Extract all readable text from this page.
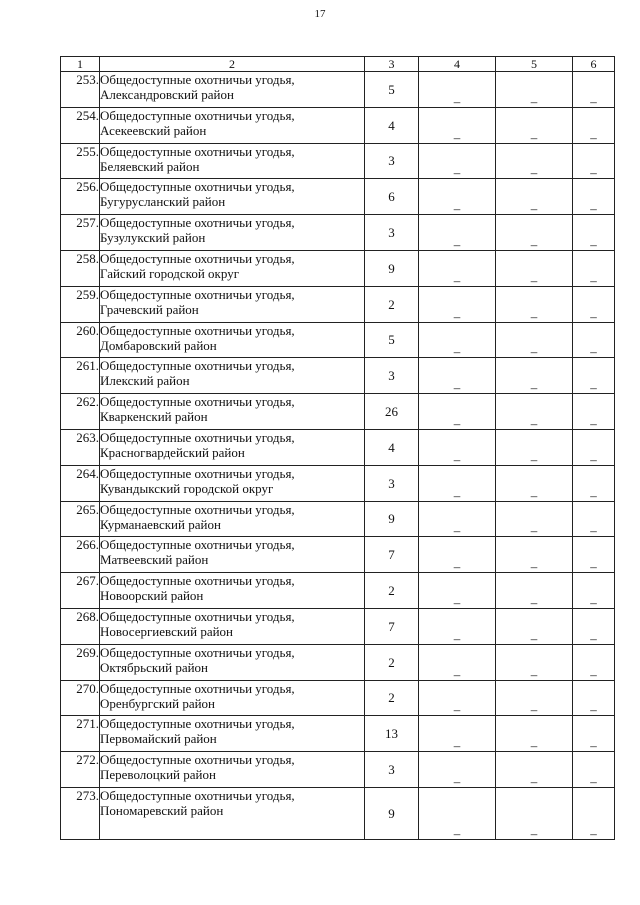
17
1	2	3	4	5	6
253.	Общедоступные охотничьи угодья,
Александровский район	5	–	–	–
254.	Общедоступные охотничьи угодья,
Асекеевский район	4	–	–	–
255.	Общедоступные охотничьи угодья,
Беляевский район	3	–	–	–
256.	Общедоступные охотничьи угодья,
Бугурусланский район	6	–	–	–
257.	Общедоступные охотничьи угодья,
Бузулукский район	3	–	–	–
258.	Общедоступные охотничьи угодья,
Гайский городской округ	9	–	–	–
259.	Общедоступные охотничьи угодья,
Грачевский район	2	–	–	–
260.	Общедоступные охотничьи угодья,
Домбаровский район	5	–	–	–
261.	Общедоступные охотничьи угодья,
Илекский район	3	–	–	–
262.	Общедоступные охотничьи угодья,
Кваркенский район	26	–	–	–
263.	Общедоступные охотничьи угодья,
Красногвардейский район	4	–	–	–
264.	Общедоступные охотничьи угодья,
Кувандыкский городской округ	3	–	–	–
265.	Общедоступные охотничьи угодья,
Курманаевский район	9	–	–	–
266.	Общедоступные охотничьи угодья,
Матвеевский район	7	–	–	–
267.	Общедоступные охотничьи угодья,
Новоорский район	2	–	–	–
268.	Общедоступные охотничьи угодья,
Новосергиевский район	7	–	–	–
269.	Общедоступные охотничьи угодья,
Октябрьский район	2	–	–	–
270.	Общедоступные охотничьи угодья,
Оренбургский район	2	–	–	–
271.	Общедоступные охотничьи угодья,
Первомайский район	13	–	–	–
272.	Общедоступные охотничьи угодья,
Переволоцкий район	3	–	–	–
273.	Общедоступные охотничьи угодья,
Пономаревский район	9	–	–	–
